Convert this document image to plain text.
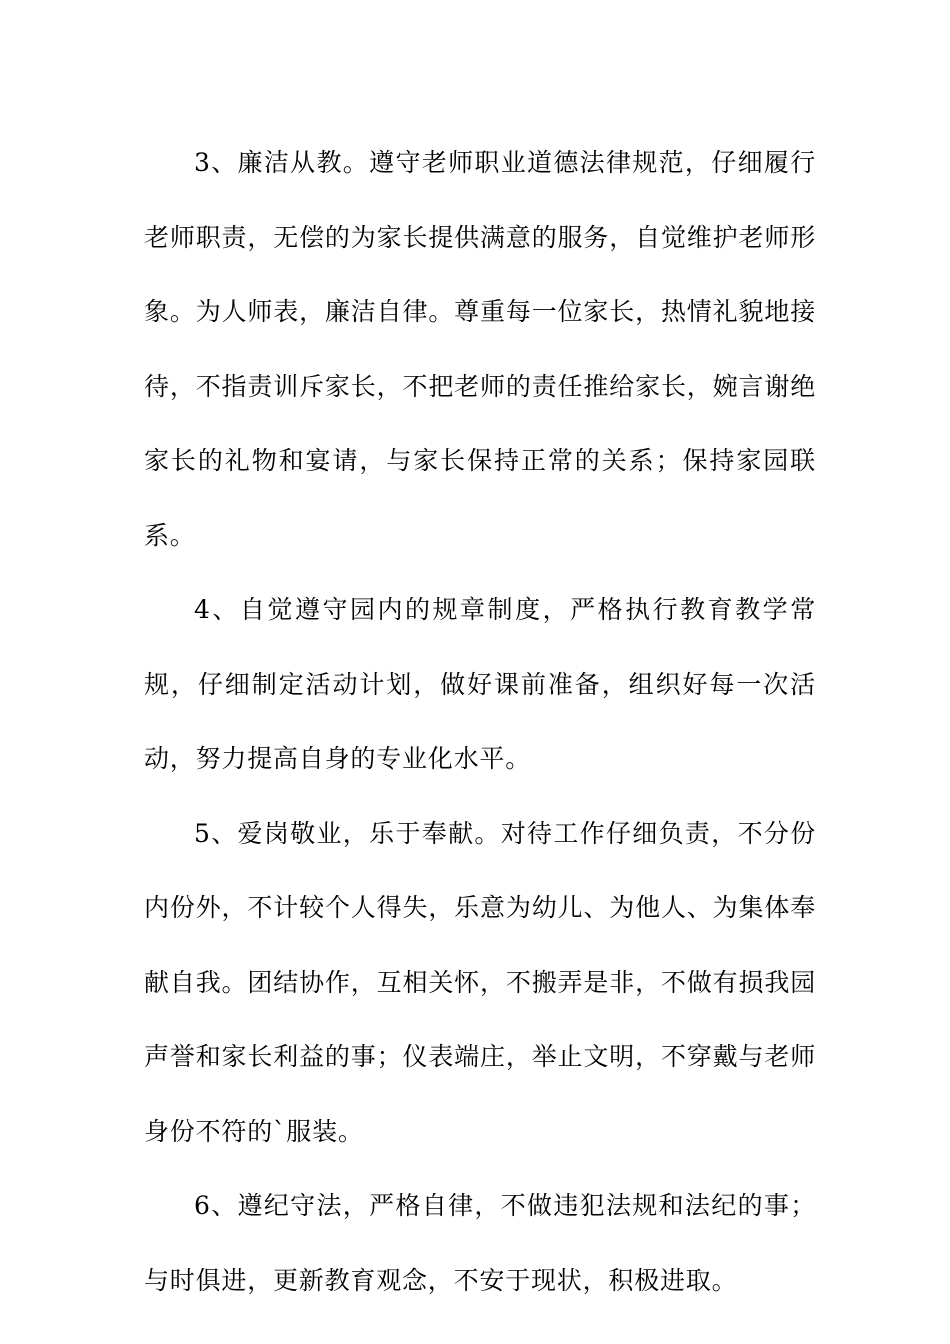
3、廉洁从教。遵守老师职业道德法律规范，仔细履行老师职责，无偿的为家长提供满意的服务，自觉维护老师形象。为人师表，廉洁自律。尊重每一位家长，热情礼貌地接待，不指责训斥家长，不把老师的责任推给家长，婉言谢绝家长的礼物和宴请，与家长保持正常的关系；保持家园联系。

4、自觉遵守园内的规章制度，严格执行教育教学常规，仔细制定活动计划，做好课前准备，组织好每一次活动，努力提高自身的专业化水平。

5、爱岗敬业，乐于奉献。对待工作仔细负责，不分份内份外，不计较个人得失，乐意为幼儿、为他人、为集体奉献自我。团结协作，互相关怀，不搬弄是非，不做有损我园声誉和家长利益的事；仪表端庄，举止文明，不穿戴与老师身份不符的`服装。

6、遵纪守法，严格自律，不做违犯法规和法纪的事；与时俱进，更新教育观念，不安于现状，积极进取。
